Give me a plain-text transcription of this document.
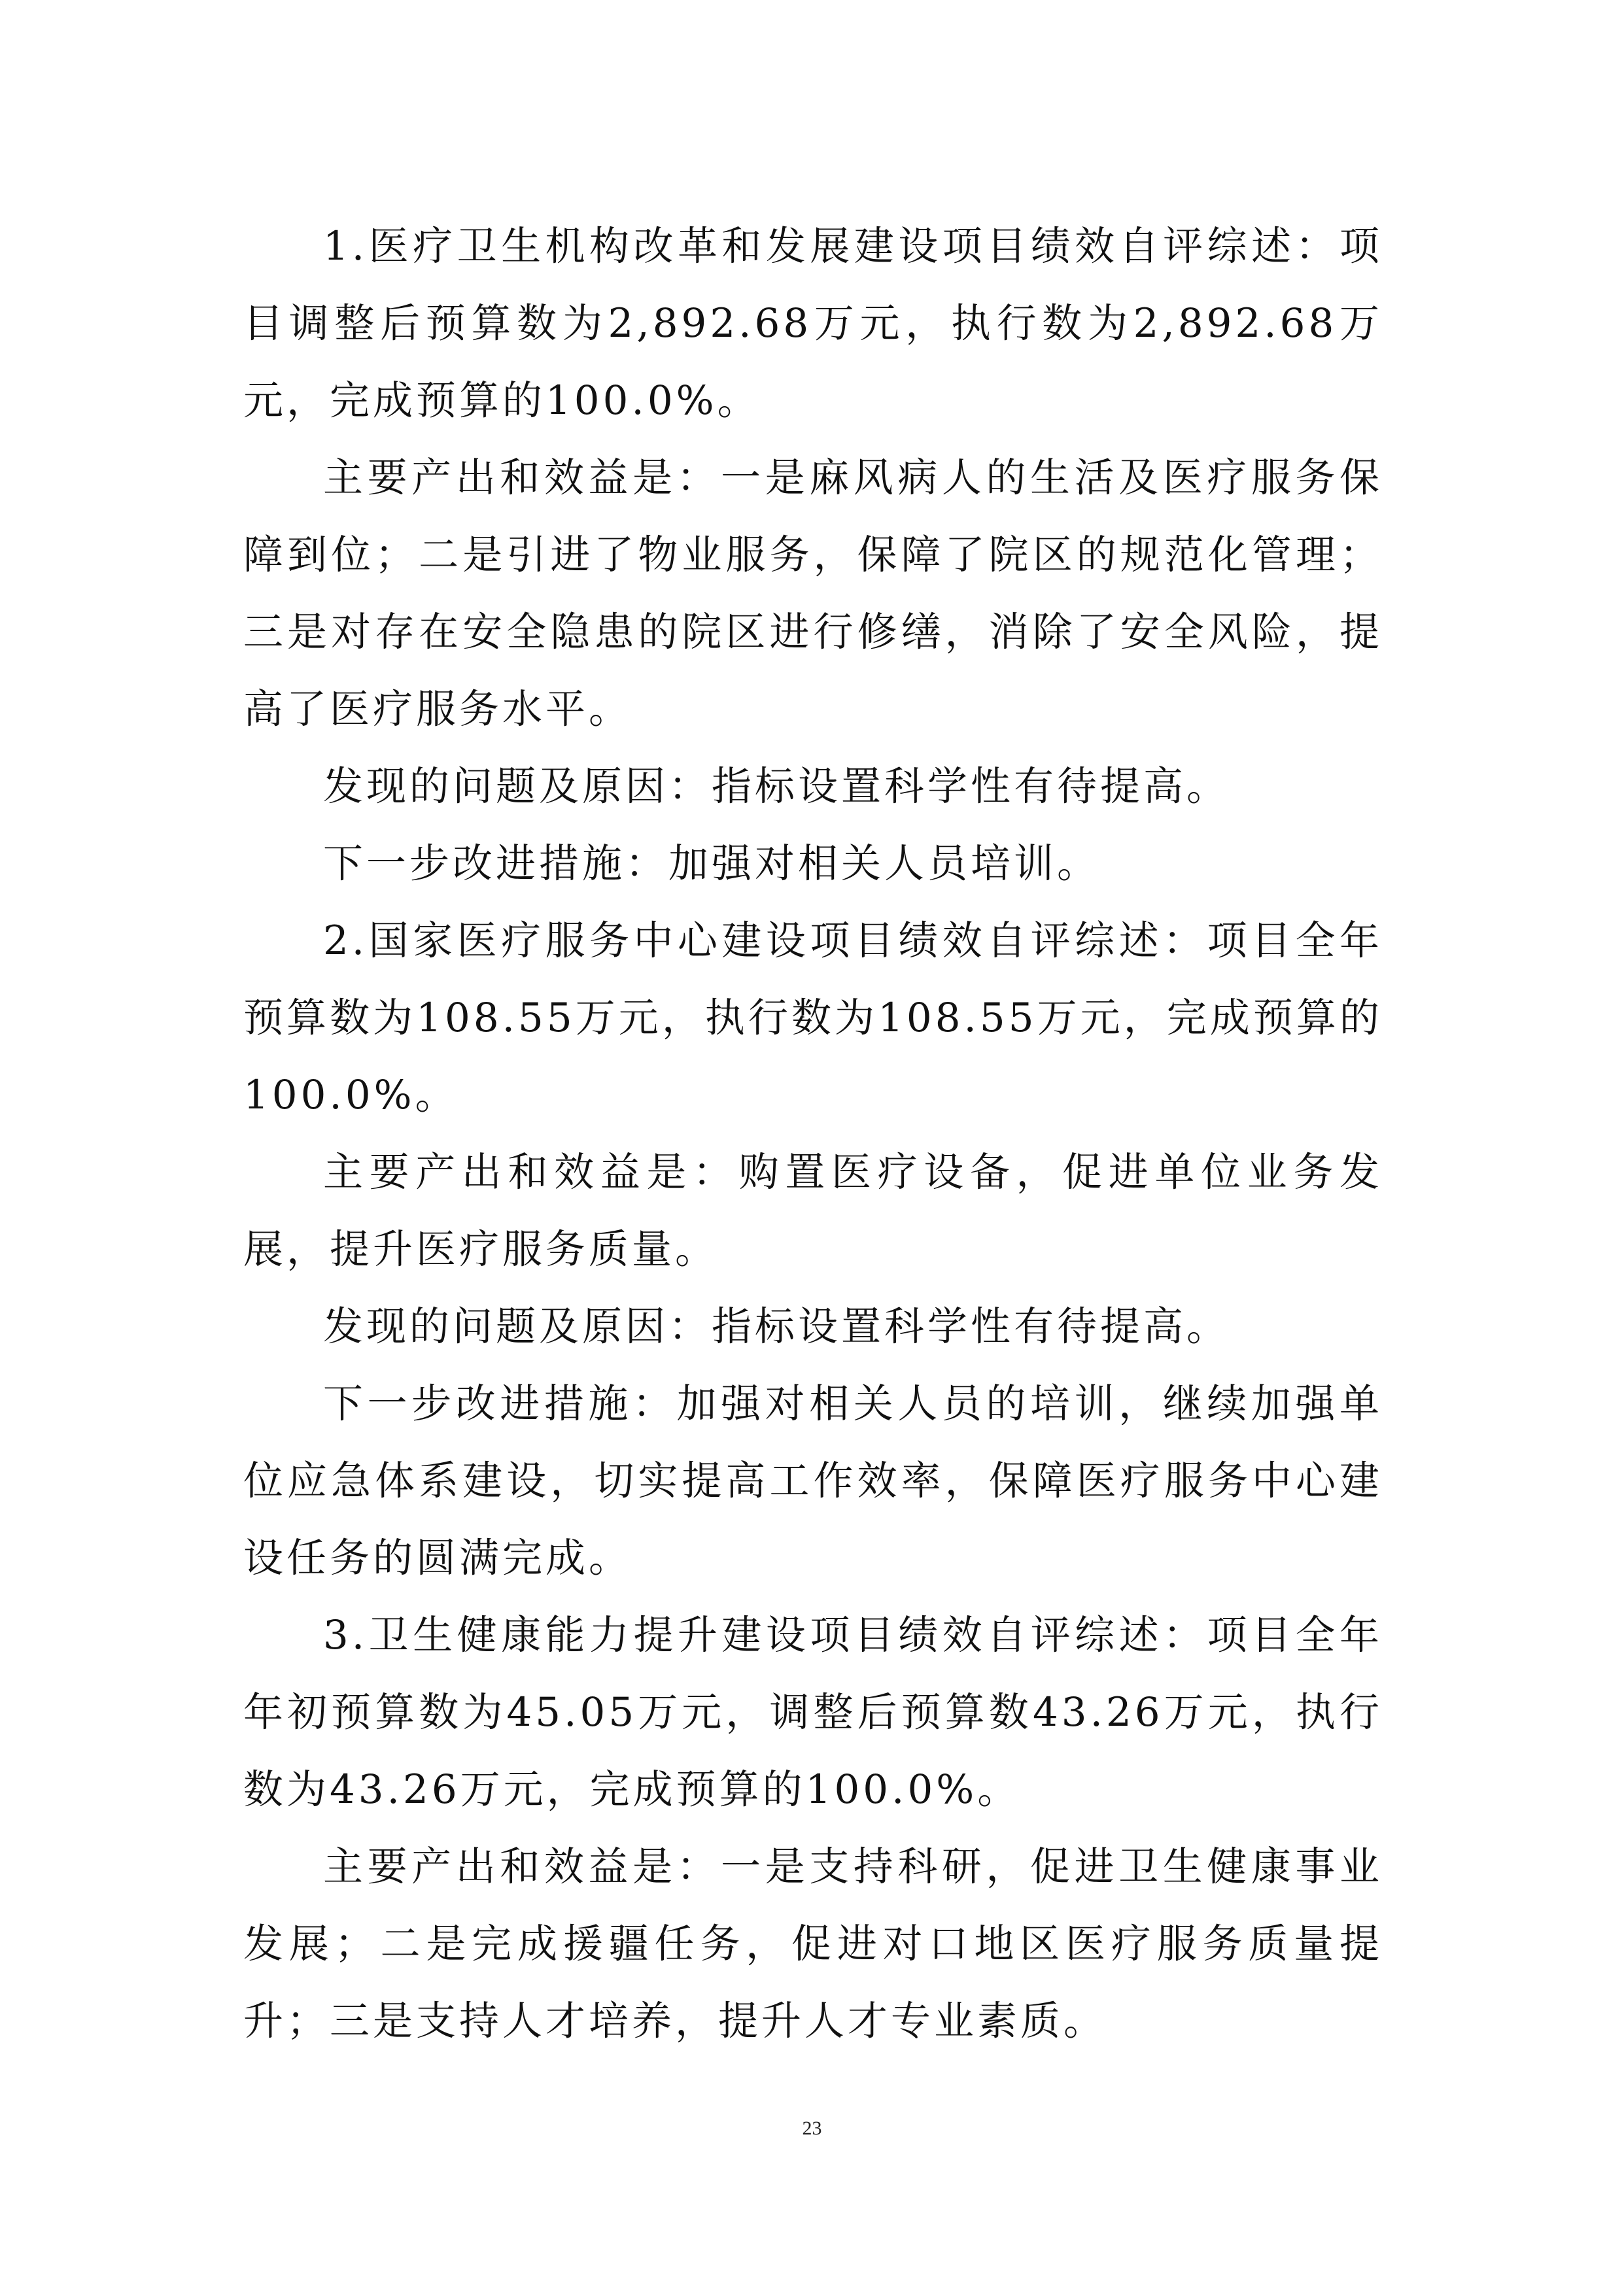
1.医疗卫生机构改革和发展建设项目绩效自评综述：项目调整后预算数为2,892.68万元，执行数为2,892.68万元，完成预算的100.0%。

主要产出和效益是：一是麻风病人的生活及医疗服务保障到位；二是引进了物业服务，保障了院区的规范化管理；三是对存在安全隐患的院区进行修缮，消除了安全风险，提高了医疗服务水平。

发现的问题及原因：指标设置科学性有待提高。

下一步改进措施：加强对相关人员培训。

2.国家医疗服务中心建设项目绩效自评综述：项目全年预算数为108.55万元，执行数为108.55万元，完成预算的100.0%。

主要产出和效益是：购置医疗设备，促进单位业务发展，提升医疗服务质量。

发现的问题及原因：指标设置科学性有待提高。

下一步改进措施：加强对相关人员的培训，继续加强单位应急体系建设，切实提高工作效率，保障医疗服务中心建设任务的圆满完成。

3.卫生健康能力提升建设项目绩效自评综述：项目全年年初预算数为45.05万元，调整后预算数43.26万元，执行数为43.26万元，完成预算的100.0%。

主要产出和效益是：一是支持科研，促进卫生健康事业发展；二是完成援疆任务，促进对口地区医疗服务质量提升；三是支持人才培养，提升人才专业素质。

23
